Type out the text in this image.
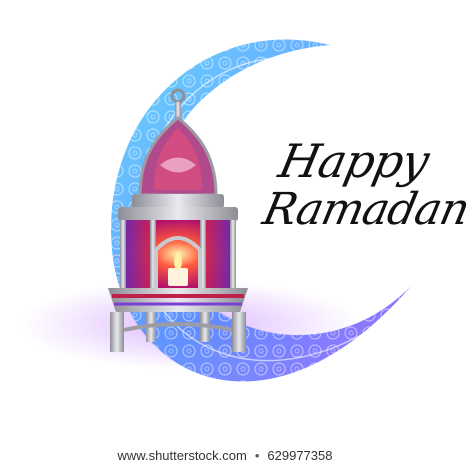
Happy
Ramadan
www.shutterstock.com • 629977358
